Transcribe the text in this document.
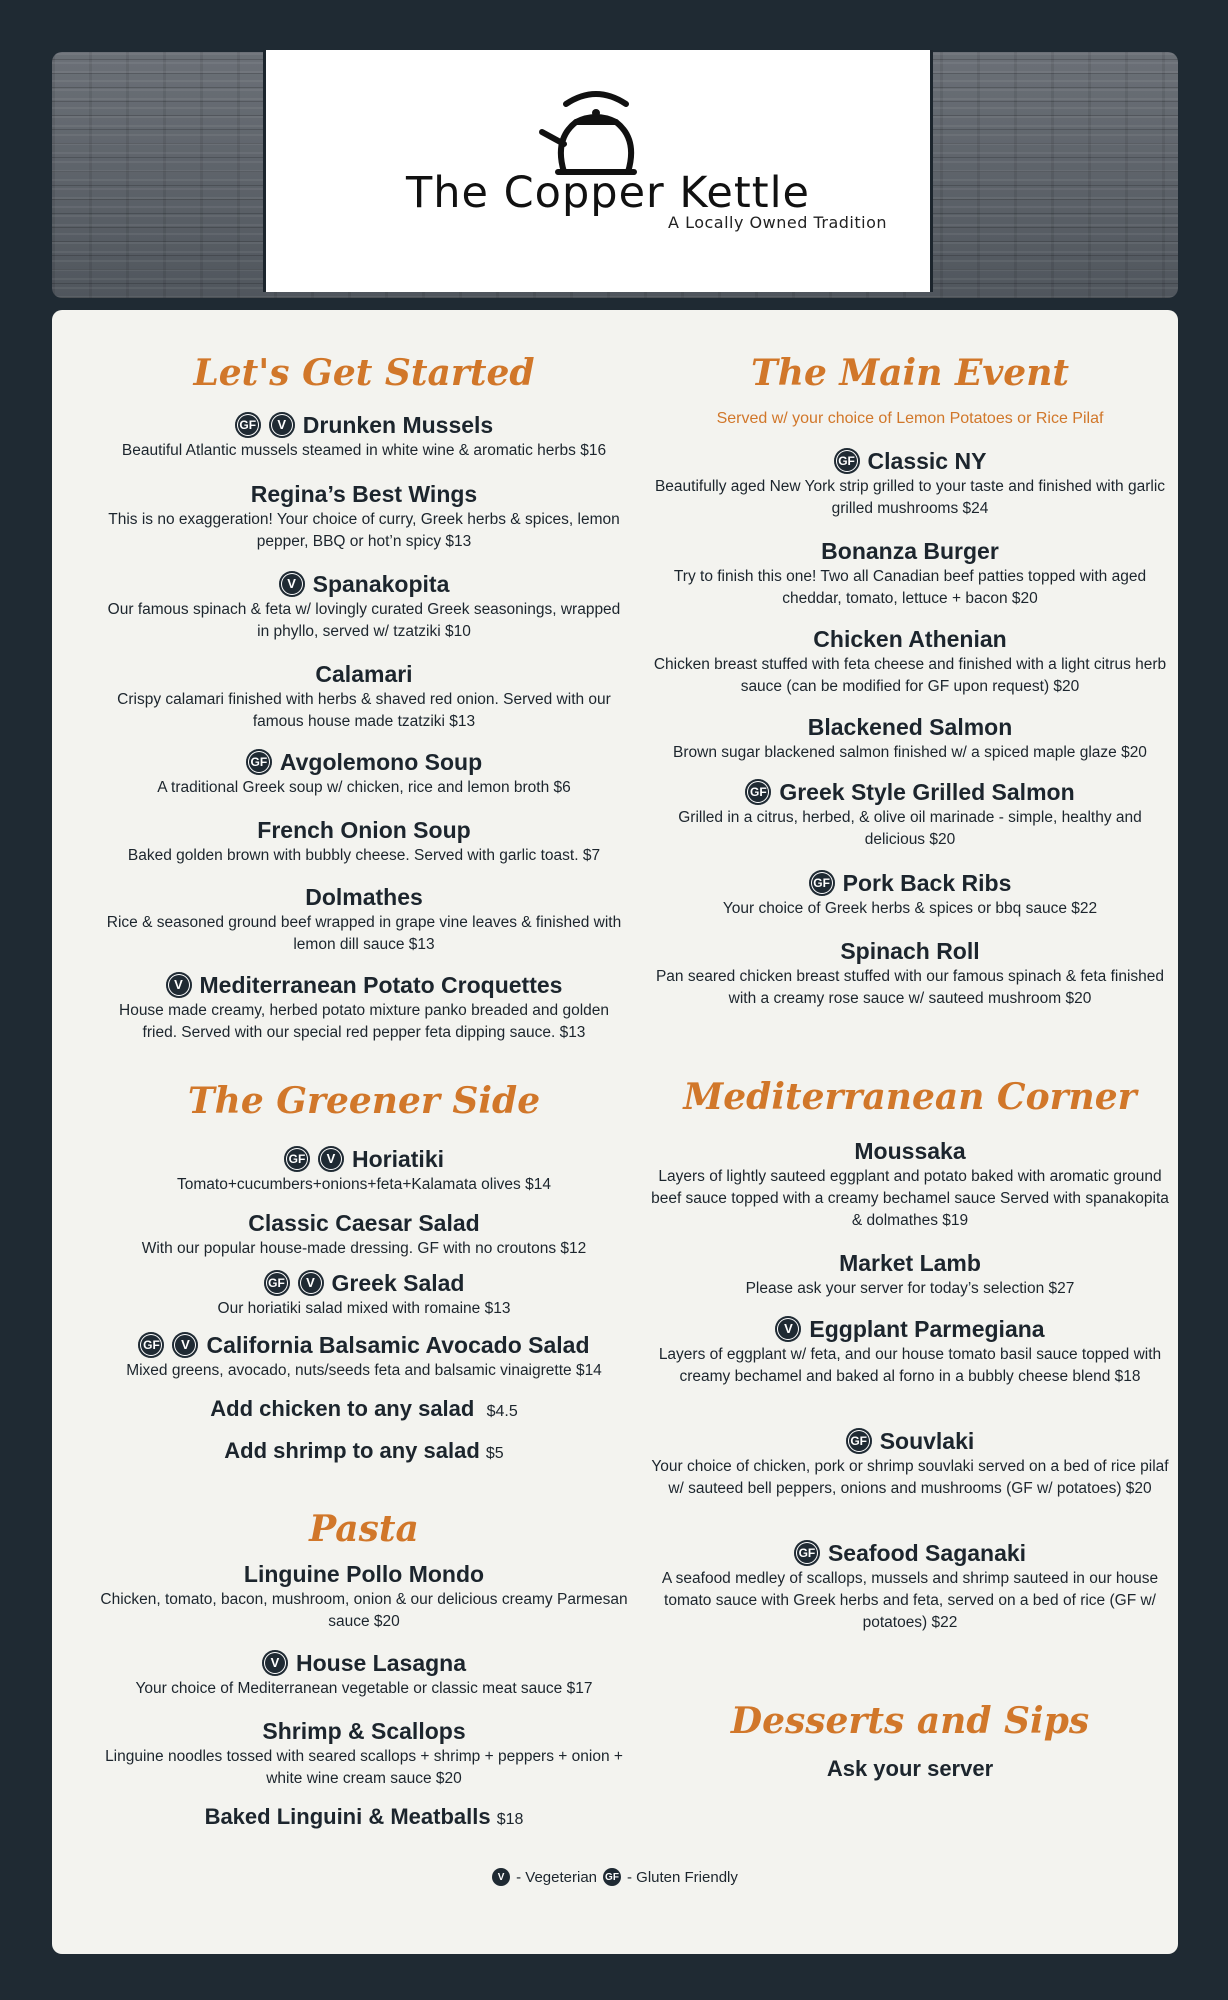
The Copper Kettle
A Locally Owned Tradition
Let's Get Started
GF	V Drunken Mussels
Beautiful Atlantic mussels steamed in white wine & aromatic herbs $16
Regina’s Best Wings
This is no exaggeration! Your choice of curry, Greek herbs & spices, lemon pepper, BBQ or hot’n spicy $13
V Spanakopita
Our famous spinach & feta w/ lovingly curated Greek seasonings, wrapped in phyllo, served w/ tzatziki $10
Calamari
Crispy calamari finished with herbs & shaved red onion. Served with our famous house made tzatziki $13
GF Avgolemono Soup
A traditional Greek soup w/ chicken, rice and lemon broth $6
French Onion Soup
Baked golden brown with bubbly cheese. Served with garlic toast. $7
Dolmathes
Rice & seasoned ground beef wrapped in grape vine leaves & finished with lemon dill sauce $13
V Mediterranean Potato Croquettes
House made creamy, herbed potato mixture panko breaded and golden fried. Served with our special red pepper feta dipping sauce. $13
The Greener Side
GF	V Horiatiki
Tomato+cucumbers+onions+feta+Kalamata olives $14
Classic Caesar Salad
With our popular house-made dressing. GF with no croutons $12
GF	V Greek Salad
Our horiatiki salad mixed with romaine $13
GF	V California Balsamic Avocado Salad
Mixed greens, avocado, nuts/seeds feta and balsamic vinaigrette $14
Add chicken to any salad $4.5
Add shrimp to any salad $5
Pasta
Linguine Pollo Mondo
Chicken, tomato, bacon, mushroom, onion & our delicious creamy Parmesan sauce $20
V House Lasagna
Your choice of Mediterranean vegetable or classic meat sauce $17
Shrimp & Scallops
Linguine noodles tossed with seared scallops + shrimp + peppers + onion + white wine cream sauce $20
Baked Linguini & Meatballs $18
The Main Event
Served w/ your choice of Lemon Potatoes or Rice Pilaf
GF Classic NY
Beautifully aged New York strip grilled to your taste and finished with garlic grilled mushrooms $24
Bonanza Burger
Try to finish this one! Two all Canadian beef patties topped with aged cheddar, tomato, lettuce + bacon $20
Chicken Athenian
Chicken breast stuffed with feta cheese and finished with a light citrus herb sauce (can be modified for GF upon request) $20
Blackened Salmon
Brown sugar blackened salmon finished w/ a spiced maple glaze $20
GF Greek Style Grilled Salmon
Grilled in a citrus, herbed, & olive oil marinade - simple, healthy and delicious $20
GF Pork Back Ribs
Your choice of Greek herbs & spices or bbq sauce $22
Spinach Roll
Pan seared chicken breast stuffed with our famous spinach & feta finished with a creamy rose sauce w/ sauteed mushroom $20
Mediterranean Corner
Moussaka
Layers of lightly sauteed eggplant and potato baked with aromatic ground beef sauce topped with a creamy bechamel sauce Served with spanakopita & dolmathes $19
Market Lamb
Please ask your server for today’s selection $27
V Eggplant Parmegiana
Layers of eggplant w/ feta, and our house tomato basil sauce topped with creamy bechamel and baked al forno in a bubbly cheese blend $18
GF Souvlaki
Your choice of chicken, pork or shrimp souvlaki served on a bed of rice pilaf w/ sauteed bell peppers, onions and mushrooms (GF w/ potatoes) $20
GF Seafood Saganaki
A seafood medley of scallops, mussels and shrimp sauteed in our house tomato sauce with Greek herbs and feta, served on a bed of rice (GF w/ potatoes) $22
Desserts and Sips
Ask your server
V - Vegeterian GF - Gluten Friendly
